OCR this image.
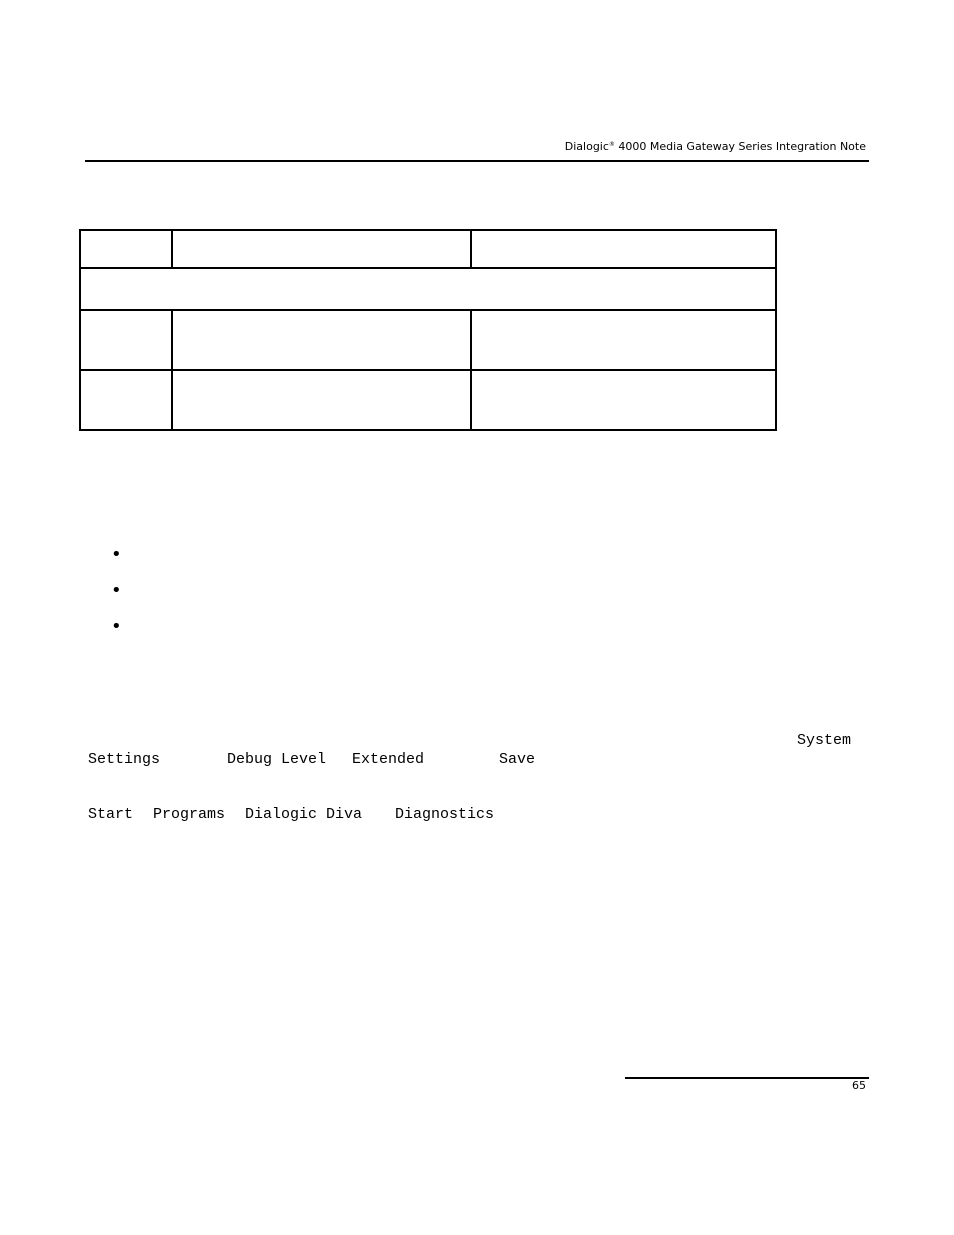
Dialogic® 4000 Media Gateway Series Integration Note

•
•
•
System
Settings	Debug Level Extended	Save
Start Programs Dialogic Diva Diagnostics
65
